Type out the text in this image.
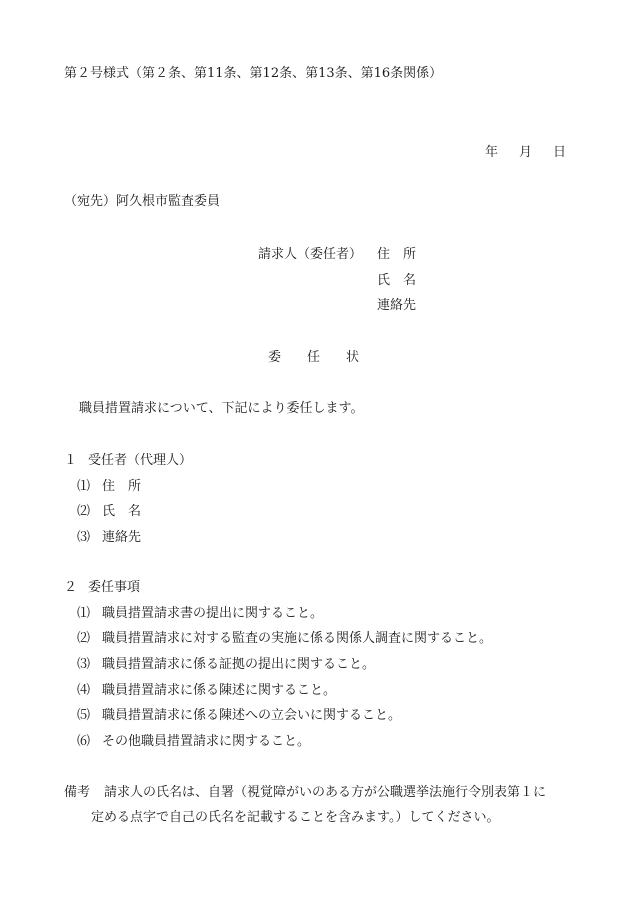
第２号様式（第２条、第11条、第12条、第13条、第16条関係）
年　月　日
（宛先）阿久根市監査委員
請求人（委任者） 住　所
氏　名
連絡先
委　　任　　状
職員措置請求について、下記により委任します。
１ 受任者（代理人）
⑴ 住　所
⑵ 氏　名
⑶ 連絡先
２ 委任事項
⑴ 職員措置請求書の提出に関すること。
⑵ 職員措置請求に対する監査の実施に係る関係人調査に関すること。
⑶ 職員措置請求に係る証拠の提出に関すること。
⑷ 職員措置請求に係る陳述に関すること。
⑸ 職員措置請求に係る陳述への立会いに関すること。
⑹ その他職員措置請求に関すること。
備考 請求人の氏名は、自署（視覚障がいのある方が公職選挙法施行令別表第１に
定める点字で自己の氏名を記載することを含みます。）してください。
